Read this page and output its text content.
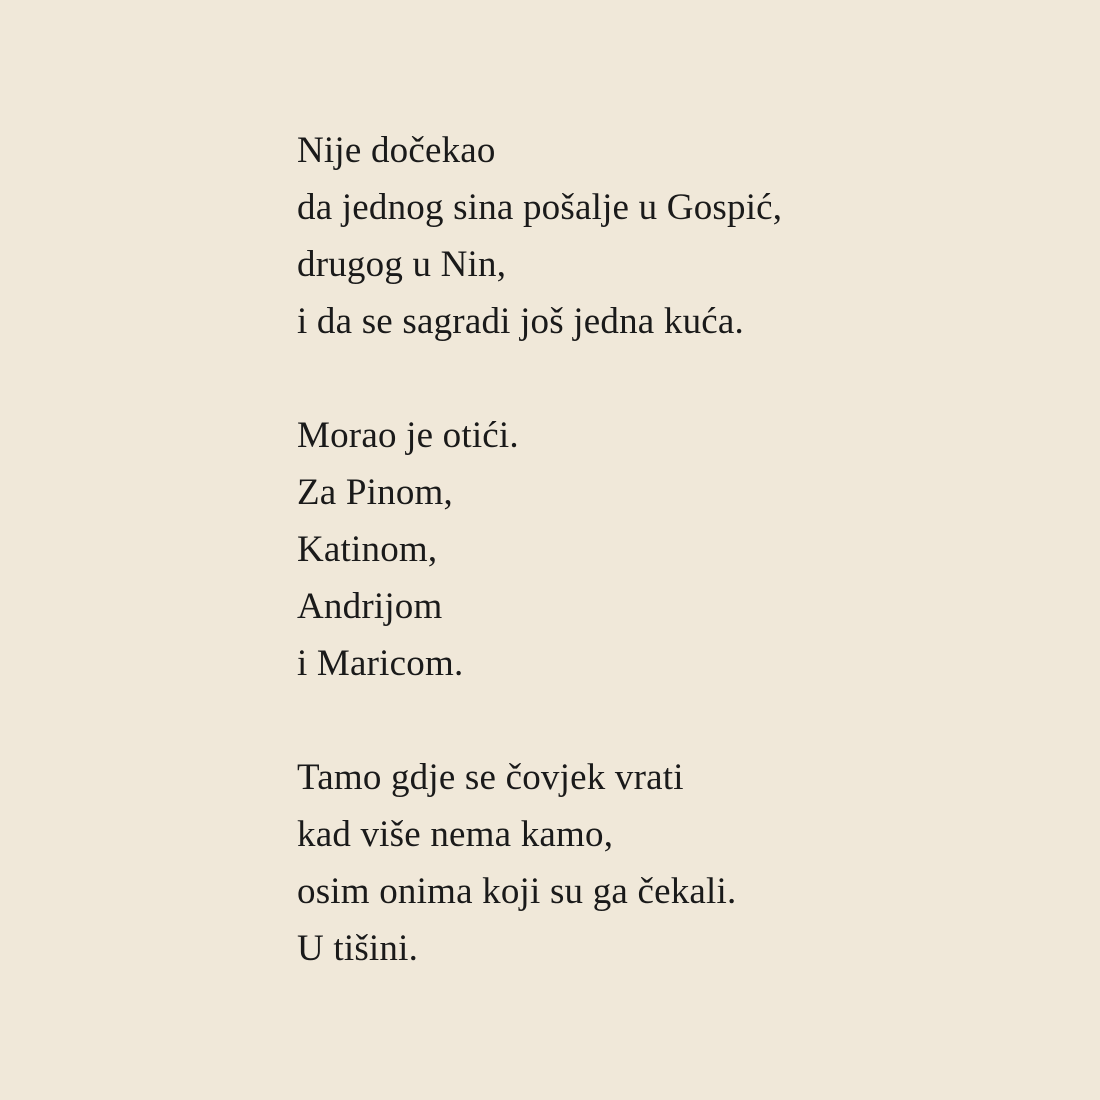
Nije dočekao
da jednog sina pošalje u Gospić,
drugog u Nin,
i da se sagradi još jedna kuća.
Morao je otići.
Za Pinom,
Katinom,
Andrijom
i Maricom.
Tamo gdje se čovjek vrati
kad više nema kamo,
osim onima koji su ga čekali.
U tišini.
